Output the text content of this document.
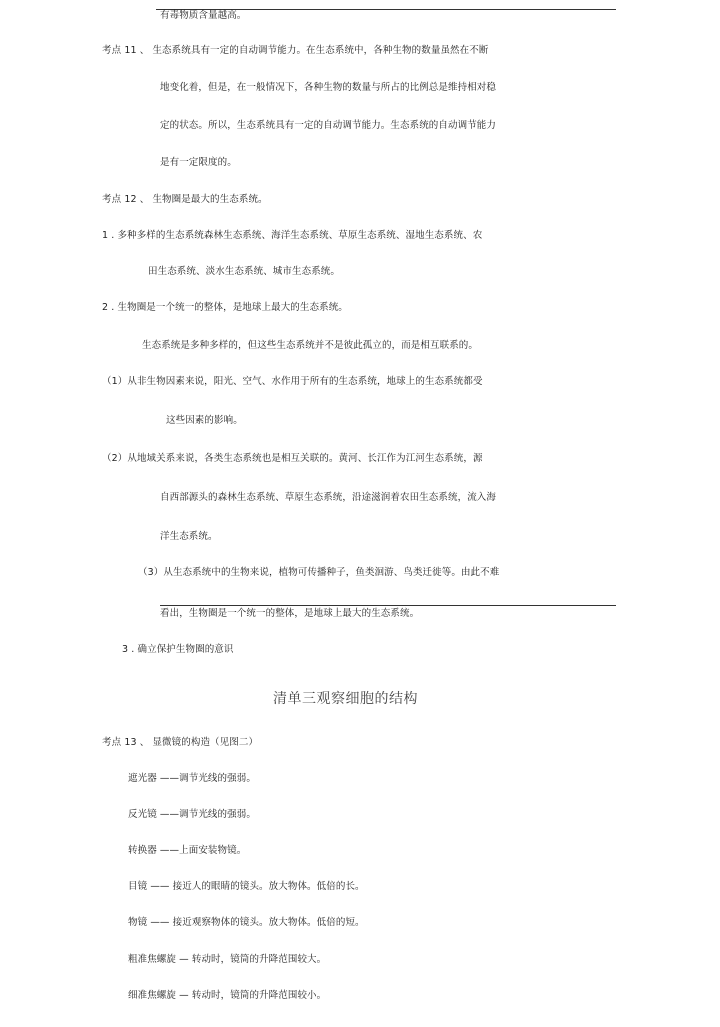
有毒物质含量越高。
考点 11 、 生态系统具有一定的自动调节能力。在生态系统中，各种生物的数量虽然在不断
地变化着，但是，在一般情况下，各种生物的数量与所占的比例总是维持相对稳
定的状态。所以，生态系统具有一定的自动调节能力。生态系统的自动调节能力
是有一定限度的。
考点 12 、 生物圈是最大的生态系统。
1 . 多种多样的生态系统森林生态系统、海洋生态系统、草原生态系统、湿地生态系统、农
田生态系统、淡水生态系统、城市生态系统。
2 . 生物圈是一个统一的整体，是地球上最大的生态系统。
生态系统是多种多样的，但这些生态系统并不是彼此孤立的，而是相互联系的。
（1）从非生物因素来说，阳光、空气、水作用于所有的生态系统，地球上的生态系统都受
这些因素的影响。
（2）从地域关系来说，各类生态系统也是相互关联的。黄河、长江作为江河生态系统，源
自西部源头的森林生态系统、草原生态系统，沿途滋润着农田生态系统，流入海
洋生态系统。
（3）从生态系统中的生物来说，植物可传播种子，鱼类洄游、鸟类迁徙等。由此不难
看出，生物圈是一个统一的整体，是地球上最大的生态系统。
3 . 确立保护生物圈的意识
清单三观察细胞的结构
考点 13 、 显微镜的构造（见图二）
遮光器 ——调节光线的强弱。
反光镜 ——调节光线的强弱。
转换器 ——上面安装物镜。
目镜 —— 接近人的眼睛的镜头。放大物体。低倍的长。
物镜 —— 接近观察物体的镜头。放大物体。低倍的短。
粗准焦螺旋 — 转动时，镜筒的升降范围较大。
细准焦螺旋 — 转动时，镜筒的升降范围较小。
